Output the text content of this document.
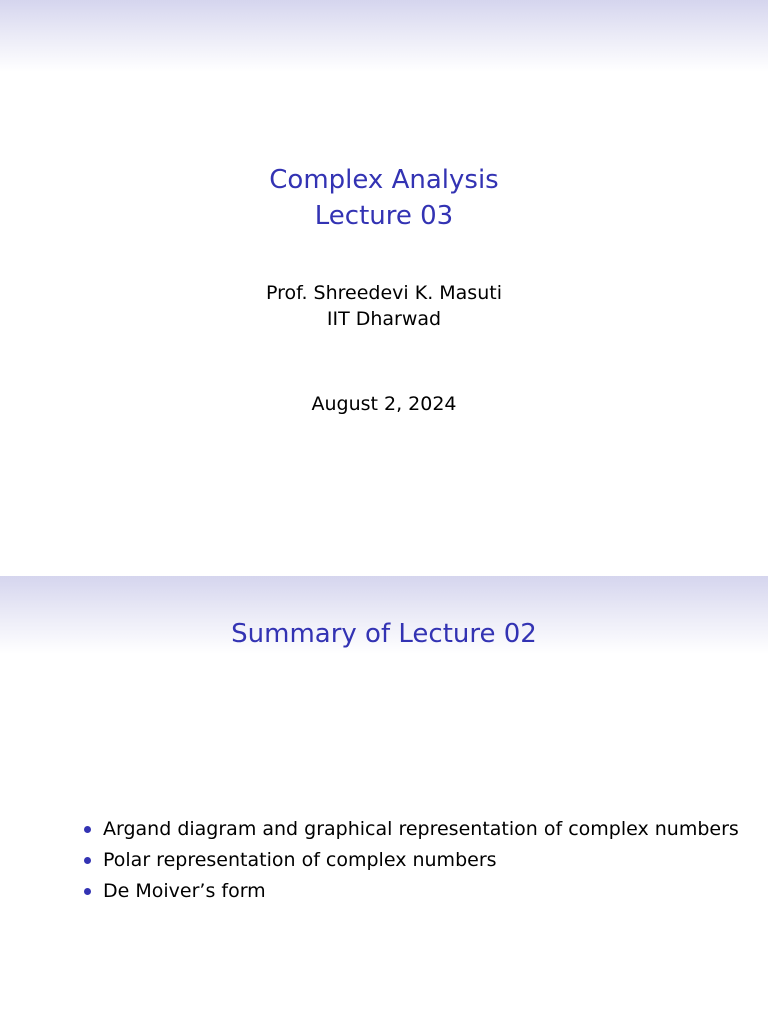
Complex Analysis
Lecture 03
Prof. Shreedevi K. Masuti
IIT Dharwad
August 2, 2024
Summary of Lecture 02
Argand diagram and graphical representation of complex numbers
Polar representation of complex numbers
De Moiver’s form
